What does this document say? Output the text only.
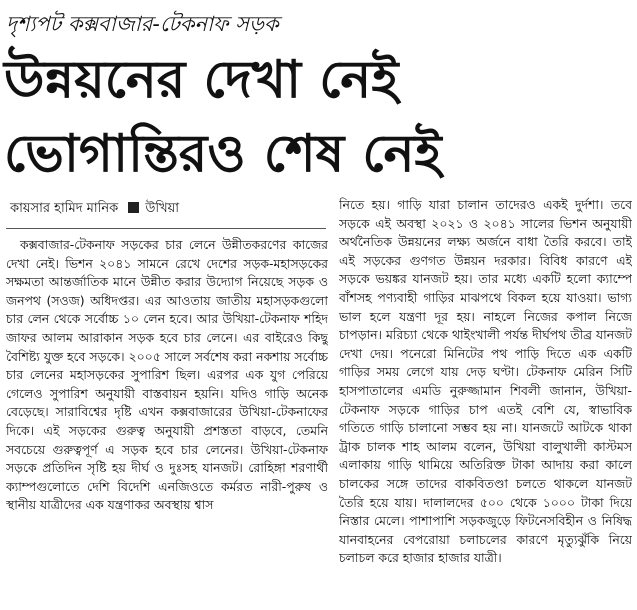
দৃশ্যপট কক্সবাজার-টেকনাফ সড়ক
উন্নয়নের দেখা নেই
ভোগান্তিরও শেষ নেই
কায়সার হামিদ মানিক উখিয়া

কক্সবাজার-টেকনাফ সড়কের চার লেনে উন্নীতকরণের কাজের দেখা নেই। ভিশন ২০৪১ সামনে রেখে দেশের সড়ক-মহাসড়কের সক্ষমতা আন্তর্জাতিক মানে উন্নীত করার উদ্যোগ নিয়েছে সড়ক ও জনপথ (সওজ) অধিদপ্তর। এর আওতায় জাতীয় মহাসড়কগুলো চার লেন থেকে সর্বোচ্চ ১০ লেন হবে। আর উখিয়া-টেকনাফ শহিদ জাফর আলম আরাকান সড়ক হবে চার লেনে। এর বাইরেও কিছু বৈশিষ্ট্য যুক্ত হবে সড়কে। ২০০৫ সালে সর্বশেষ করা নকশায় সর্বোচ্চ চার লেনের মহাসড়কের সুপারিশ ছিল। এরপর এক যুগ পেরিয়ে গেলেও সুপারিশ অনুযায়ী বাস্তবায়ন হয়নি। যদিও গাড়ি অনেক বেড়েছে। সারাবিশ্বের দৃষ্টি এখন কক্সবাজারের উখিয়া-টেকনাফের দিকে। এই সড়কের গুরুত্ব অনুযায়ী প্রশস্ততা বাড়বে, তেমনি সবচেয়ে গুরুত্বপূর্ণ এ সড়ক হবে চার লেনের। উখিয়া-টেকনাফ সড়কে প্রতিদিন সৃষ্টি হয় দীর্ঘ ও দুঃসহ যানজট। রোহিঙ্গা শরণার্থী ক্যাম্পগুলোতে দেশি বিদেশি এনজিওতে কর্মরত নারী-পুরুষ ও স্থানীয় যাত্রীদের এক যন্ত্রণাকর অবস্থায় শ্বাস

নিতে হয়। গাড়ি যারা চালান তাদেরও একই দুর্দশা। তবে সড়কে এই অবস্থা ২০২১ ও ২০৪১ সালের ভিশন অনুযায়ী অর্থনৈতিক উন্নয়নের লক্ষ্য অর্জনে বাধা তৈরি করবে। তাই এই সড়কের গুণগত উন্নয়ন দরকার। বিবিধ কারণে এই সড়কে ভয়ঙ্কর যানজট হয়। তার মধ্যে একটি হলো ক্যাম্পে বাঁশসহ পণ্যবাহী গাড়ির মাঝপথে বিকল হয়ে যাওয়া। ভাগ্য ভাল হলে যন্ত্রণা দূর হয়। নাহলে নিজের কপাল নিজে চাপড়ান। মরিচ্যা থেকে থাইংখালী পর্যন্ত দীর্ঘপথ তীব্র যানজট দেখা দেয়। পনেরো মিনিটের পথ পাড়ি দিতে এক একটি গাড়ির সময় লেগে যায় দেড় ঘণ্টা। টেকনাফ মেরিন সিটি হাসপাতালের এমডি নুরুজ্জামান শিবলী জানান, উখিয়া-টেকনাফ সড়কে গাড়ির চাপ এতই বেশি যে, স্বাভাবিক গতিতে গাড়ি চালানো সম্ভব হয় না। যানজটে আটকে থাকা ট্রাক চালক শাহ আলম বলেন, উখিয়া বালুখালী কাস্টমস এলাকায় গাড়ি থামিয়ে অতিরিক্ত টাকা আদায় করা কালে চালকের সঙ্গে তাদের বাকবিতণ্ডা চলতে থাকলে যানজট তৈরি হয়ে যায়। দালালদের ৫০০ থেকে ১০০০ টাকা দিয়ে নিস্তার মেলে। পাশাপাশি সড়কজুড়ে ফিটনেসবিহীন ও নিষিদ্ধ যানবাহনের বেপরোয়া চলাচলের কারণে মৃত্যুঝুঁকি নিয়ে চলাচল করে হাজার হাজার যাত্রী।
